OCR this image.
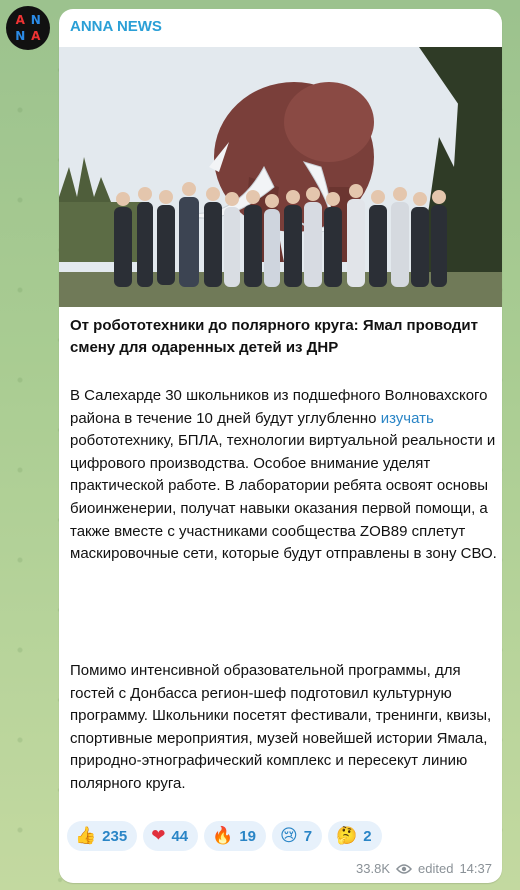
A N
N A
ANNA NEWS
От робототехники до полярного круга: Ямал проводит смену для одаренных детей из ДНР
В Салехарде 30 школьников из подшефного Волновахского района в течение 10 дней будут углубленно изучать робототехнику, БПЛА, технологии виртуальной реальности и цифрового производства. Особое внимание уделят практической работе. В лаборатории ребята освоят основы биоинженерии, получат навыки оказания первой помощи, а также вместе с участниками сообщества ZOB89 сплетут маскировочные сети, которые будут отправлены в зону СВО.
Помимо интенсивной образовательной программы, для гостей с Донбасса регион-шеф подготовил культурную программу. Школьники посетят фестивали, тренинги, квизы, спортивные мероприятия, музей новейшей истории Ямала, природно-этнографический комплекс и пересекут линию полярного круга.
👍 235 ❤ 44 🔥 19 😢 7 🤔 2
33.8K edited 14:37
